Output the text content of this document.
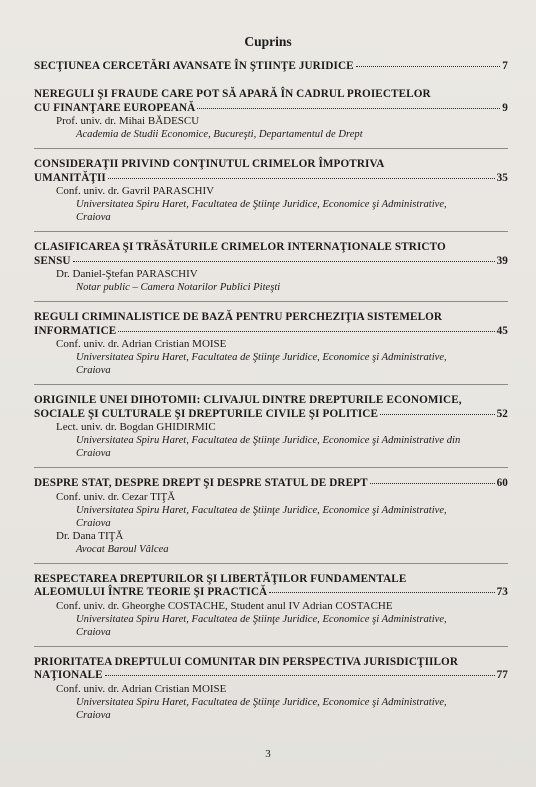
Cuprins
SECŢIUNEA CERCETĂRI AVANSATE ÎN ŞTIINŢE JURIDICE	7
NEREGULI ŞI FRAUDE CARE POT SĂ APARĂ ÎN CADRUL PROIECTELOR
CU FINANŢARE EUROPEANĂ	9
Prof. univ. dr. Mihai BĂDESCU
Academia de Studii Economice, Bucureşti, Departamentul de Drept
CONSIDERAŢII PRIVIND CONŢINUTUL CRIMELOR ÎMPOTRIVA
UMANITĂŢII	35
Conf. univ. dr. Gavril PARASCHIV
Universitatea Spiru Haret, Facultatea de Ştiinţe Juridice, Economice şi Administrative,
Craiova
CLASIFICAREA ŞI TRĂSĂTURILE CRIMELOR INTERNAŢIONALE STRICTO
SENSU	39
Dr. Daniel-Ştefan PARASCHIV
Notar public – Camera Notarilor Publici Piteşti
REGULI CRIMINALISTICE DE BAZĂ PENTRU PERCHEZIŢIA SISTEMELOR
INFORMATICE	45
Conf. univ. dr. Adrian Cristian MOISE
Universitatea Spiru Haret, Facultatea de Ştiinţe Juridice, Economice şi Administrative,
Craiova
ORIGINILE UNEI DIHOTOMII: CLIVAJUL DINTRE DREPTURILE ECONOMICE,
SOCIALE ŞI CULTURALE ŞI DREPTURILE CIVILE ŞI POLITICE	52
Lect. univ. dr. Bogdan GHIDIRMIC
Universitatea Spiru Haret, Facultatea de Ştiinţe Juridice, Economice şi Administrative din
Craiova
DESPRE STAT, DESPRE DREPT ŞI DESPRE STATUL DE DREPT	60
Conf. univ. dr. Cezar TIŢĂ
Universitatea Spiru Haret, Facultatea de Ştiinţe Juridice, Economice şi Administrative,
Craiova
Dr. Dana TIŢĂ
Avocat Baroul Vâlcea
RESPECTAREA DREPTURILOR ŞI LIBERTĂŢILOR FUNDAMENTALE
ALEOMULUI ÎNTRE TEORIE ŞI PRACTICĂ	73
Conf. univ. dr. Gheorghe COSTACHE, Student anul IV Adrian COSTACHE
Universitatea Spiru Haret, Facultatea de Ştiinţe Juridice, Economice şi Administrative,
Craiova
PRIORITATEA DREPTULUI COMUNITAR DIN PERSPECTIVA JURISDICŢIILOR
NAŢIONALE	77
Conf. univ. dr. Adrian Cristian MOISE
Universitatea Spiru Haret, Facultatea de Ştiinţe Juridice, Economice şi Administrative,
Craiova
3
